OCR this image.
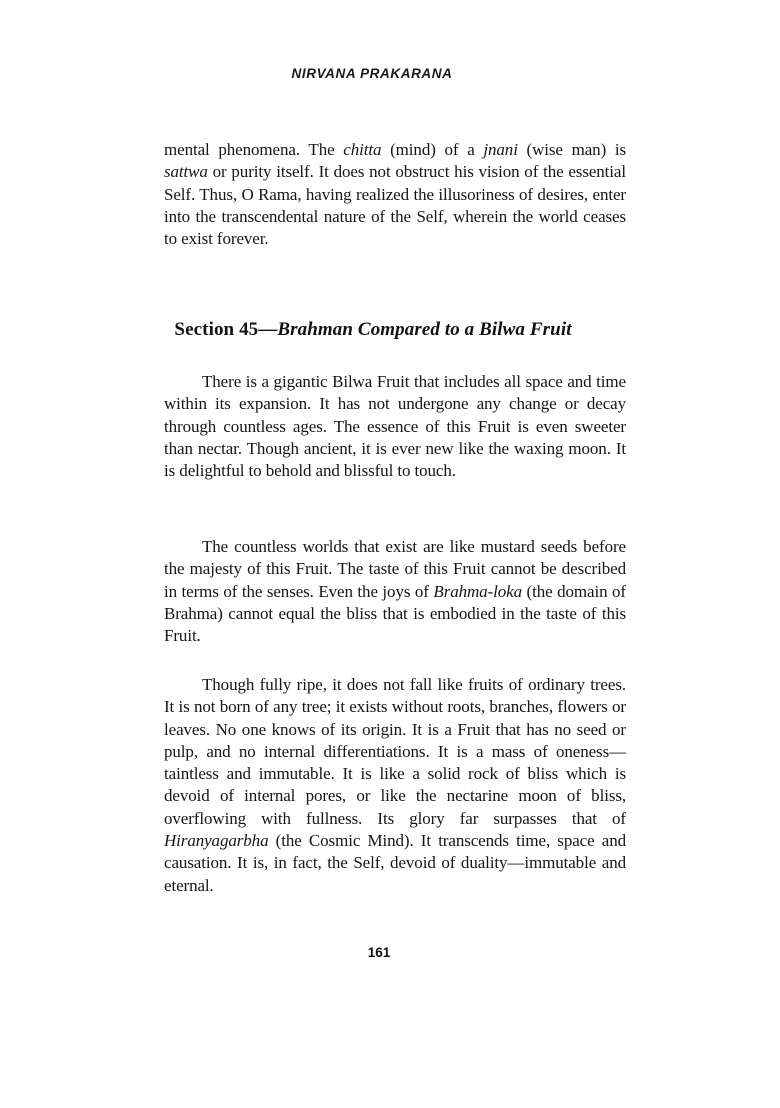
NIRVANA PRAKARANA

mental phenomena. The chitta (mind) of a jnani (wise man) is sattwa or purity itself. It does not obstruct his vision of the essential Self. Thus, O Rama, having realized the illusoriness of desires, enter into the transcendental nature of the Self, wherein the world ceases to exist forever.

Section 45—Brahman Compared to a Bilwa Fruit

There is a gigantic Bilwa Fruit that includes all space and time within its expansion. It has not undergone any change or decay through countless ages. The essence of this Fruit is even sweeter than nectar. Though ancient, it is ever new like the waxing moon. It is delightful to behold and blissful to touch.

The countless worlds that exist are like mustard seeds before the majesty of this Fruit. The taste of this Fruit cannot be described in terms of the senses. Even the joys of Brahma-loka (the domain of Brahma) cannot equal the bliss that is embodied in the taste of this Fruit.

Though fully ripe, it does not fall like fruits of ordinary trees. It is not born of any tree; it exists without roots, branches, flowers or leaves. No one knows of its origin. It is a Fruit that has no seed or pulp, and no internal differentiations. It is a mass of oneness—taintless and immutable. It is like a solid rock of bliss which is devoid of internal pores, or like the nectarine moon of bliss, overflowing with fullness. Its glory far surpasses that of Hiranyagarbha (the Cosmic Mind). It transcends time, space and causation. It is, in fact, the Self, devoid of duality—immutable and eternal.

161
